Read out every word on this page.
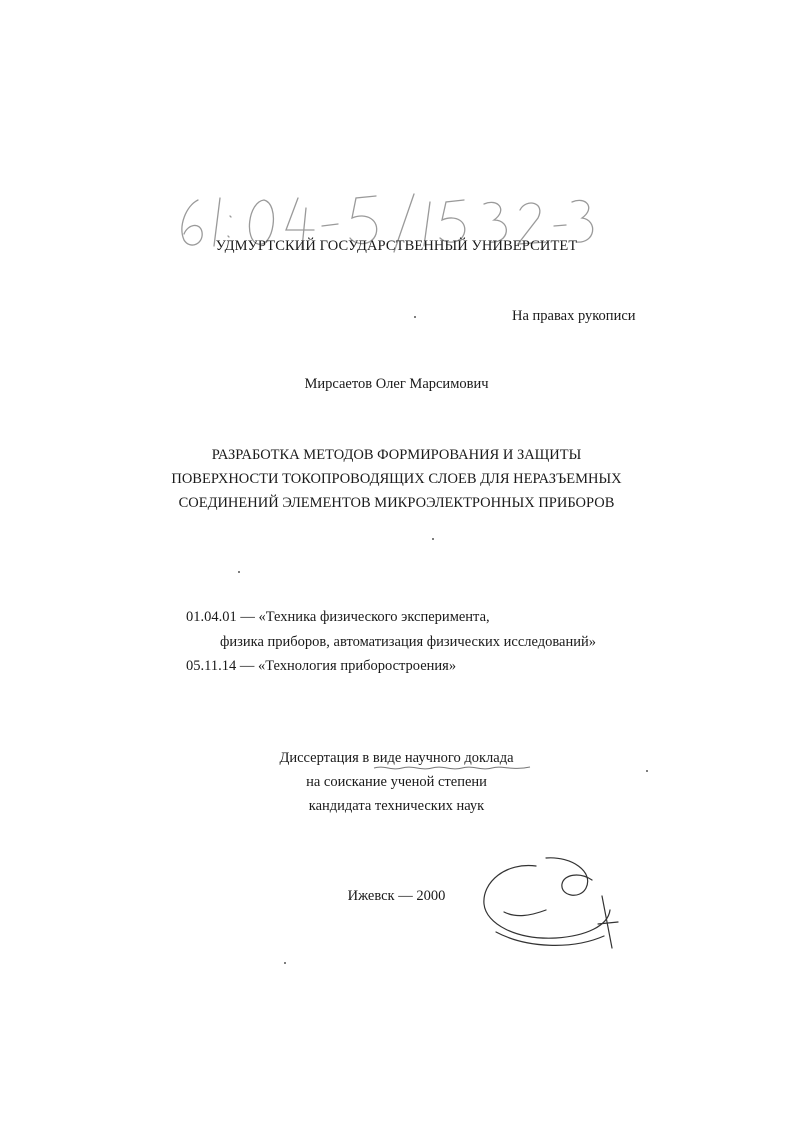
УДМУРТСКИЙ ГОСУДАРСТВЕННЫЙ УНИВЕРСИТЕТ
На правах рукописи
Мирсаетов Олег Марсимович
РАЗРАБОТКА МЕТОДОВ ФОРМИРОВАНИЯ И ЗАЩИТЫ
ПОВЕРХНОСТИ ТОКОПРОВОДЯЩИХ СЛОЕВ ДЛЯ НЕРАЗЪЕМНЫХ
СОЕДИНЕНИЙ ЭЛЕМЕНТОВ МИКРОЭЛЕКТРОННЫХ ПРИБОРОВ
01.04.01 — «Техника физического эксперимента,
физика приборов, автоматизация физических исследований»
05.11.14 — «Технология приборостроения»
Диссертация в виде научного доклада
на соискание ученой степени
кандидата технических наук
Ижевск — 2000
